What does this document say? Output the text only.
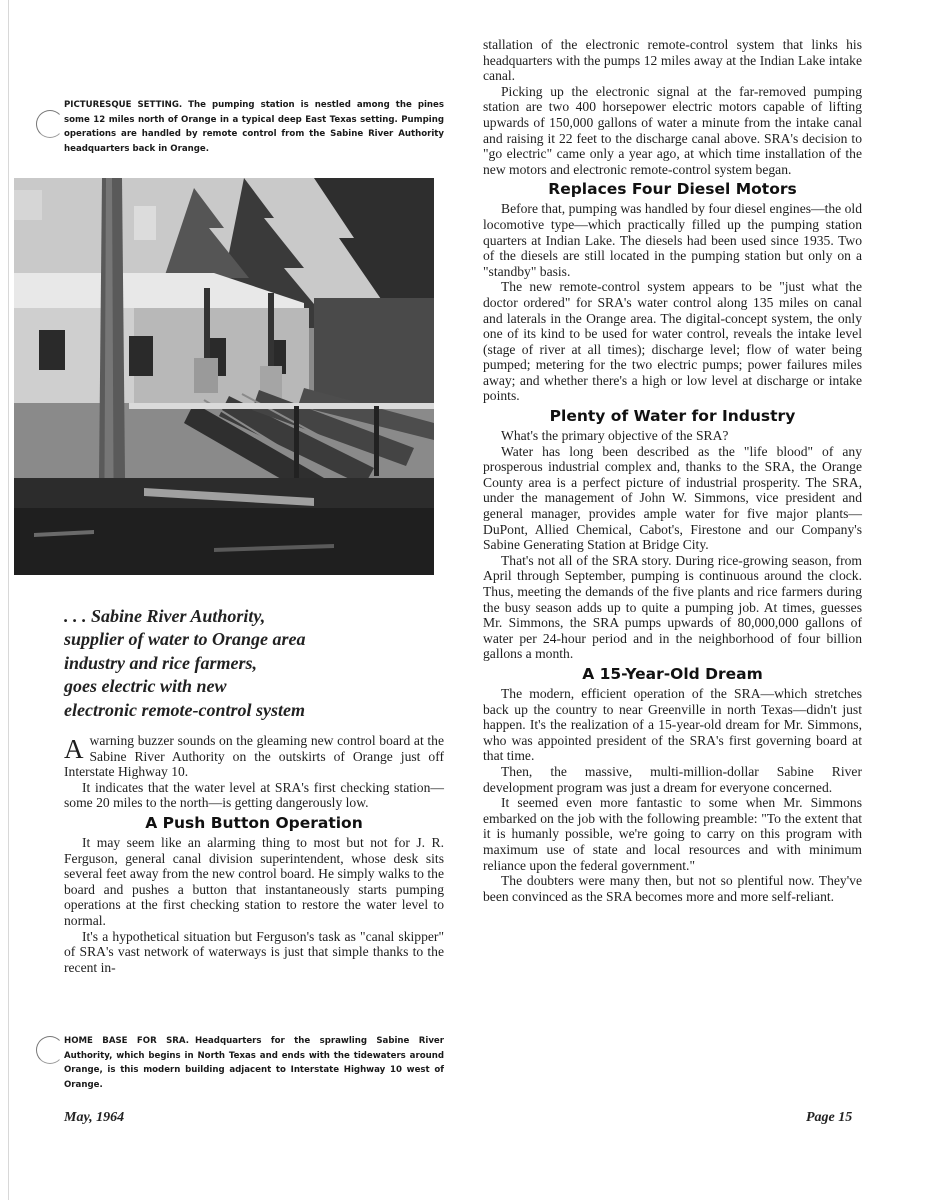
PICTURESQUE SETTING. The pumping station is nestled among the pines some 12 miles north of Orange in a typical deep East Texas setting. Pumping operations are handled by remote control from the Sabine River Authority headquarters back in Orange.
. . . Sabine River Authority,
supplier of water to Orange area
industry and rice farmers,
goes electric with new
electronic remote-control system

Awarning buzzer sounds on the gleaming new control board at the Sabine River Authority on the outskirts of Orange just off Interstate Highway 10.

It indicates that the water level at SRA's first checking station—some 20 miles to the north—is getting dangerously low.

A Push Button Operation

It may seem like an alarming thing to most but not for J. R. Ferguson, general canal division superintendent, whose desk sits several feet away from the new control board. He simply walks to the board and pushes a button that instantaneously starts pumping operations at the first checking station to restore the water level to normal.

It's a hypothetical situation but Ferguson's task as "canal skipper" of SRA's vast network of waterways is just that simple thanks to the recent in-

HOME BASE FOR SRA. Headquarters for the sprawling Sabine River Authority, which begins in North Texas and ends with the tidewaters around Orange, is this modern building adjacent to Interstate Highway 10 west of Orange.

stallation of the electronic remote-control system that links his headquarters with the pumps 12 miles away at the Indian Lake intake canal.

Picking up the electronic signal at the far-removed pumping station are two 400 horsepower electric motors capable of lifting upwards of 150,000 gallons of water a minute from the intake canal and raising it 22 feet to the discharge canal above. SRA's decision to "go electric" came only a year ago, at which time installation of the new motors and electronic remote-control system began.

Replaces Four Diesel Motors

Before that, pumping was handled by four diesel engines—the old locomotive type—which practically filled up the pumping station quarters at Indian Lake. The diesels had been used since 1935. Two of the diesels are still located in the pumping station but only on a "standby" basis.

The new remote-control system appears to be "just what the doctor ordered" for SRA's water control along 135 miles on canal and laterals in the Orange area. The digital-concept system, the only one of its kind to be used for water control, reveals the intake level (stage of river at all times); discharge level; flow of water being pumped; metering for the two electric pumps; power failures miles away; and whether there's a high or low level at discharge or intake points.

Plenty of Water for Industry

What's the primary objective of the SRA?

Water has long been described as the "life blood" of any prosperous industrial complex and, thanks to the SRA, the Orange County area is a perfect picture of industrial prosperity. The SRA, under the management of John W. Simmons, vice president and general manager, provides ample water for five major plants—DuPont, Allied Chemical, Cabot's, Firestone and our Company's Sabine Generating Station at Bridge City.

That's not all of the SRA story. During rice-growing season, from April through September, pumping is continuous around the clock. Thus, meeting the demands of the five plants and rice farmers during the busy season adds up to quite a pumping job. At times, guesses Mr. Simmons, the SRA pumps upwards of 80,000,000 gallons of water per 24-hour period and in the neighborhood of four billion gallons a month.

A 15-Year-Old Dream

The modern, efficient operation of the SRA—which stretches back up the country to near Greenville in north Texas—didn't just happen. It's the realization of a 15-year-old dream for Mr. Simmons, who was appointed president of the SRA's first governing board at that time.

Then, the massive, multi-million-dollar Sabine River development program was just a dream for everyone concerned.

It seemed even more fantastic to some when Mr. Simmons embarked on the job with the following preamble: "To the extent that it is humanly possible, we're going to carry on this program with maximum use of state and local resources and with minimum reliance upon the federal government."

The doubters were many then, but not so plentiful now. They've been convinced as the SRA becomes more and more self-reliant.

May, 1964	Page 15
